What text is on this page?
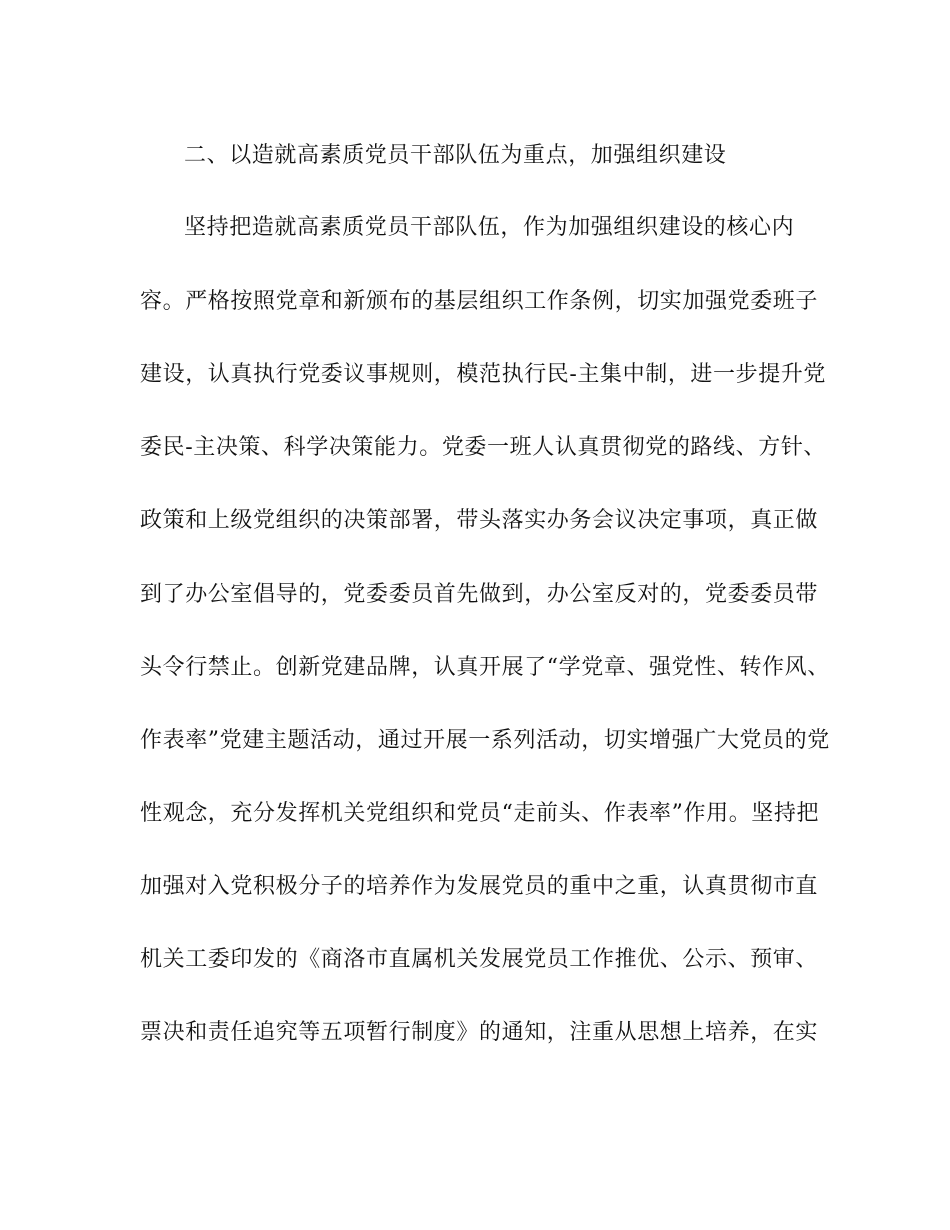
二、以造就高素质党员干部队伍为重点，加强组织建设
坚持把造就高素质党员干部队伍，作为加强组织建设的核心内
容。严格按照党章和新颁布的基层组织工作条例，切实加强党委班子
建设，认真执行党委议事规则，模范执行民-主集中制，进一步提升党
委民-主决策、科学决策能力。党委一班人认真贯彻党的路线、方针、
政策和上级党组织的决策部署，带头落实办务会议决定事项，真正做
到了办公室倡导的，党委委员首先做到，办公室反对的，党委委员带
头令行禁止。创新党建品牌，认真开展了“学党章、强党性、转作风、
作表率”党建主题活动，通过开展一系列活动，切实增强广大党员的党
性观念，充分发挥机关党组织和党员“走前头、作表率”作用。坚持把
加强对入党积极分子的培养作为发展党员的重中之重，认真贯彻市直
机关工委印发的《商洛市直属机关发展党员工作推优、公示、预审、
票决和责任追究等五项暂行制度》的通知，注重从思想上培养，在实
